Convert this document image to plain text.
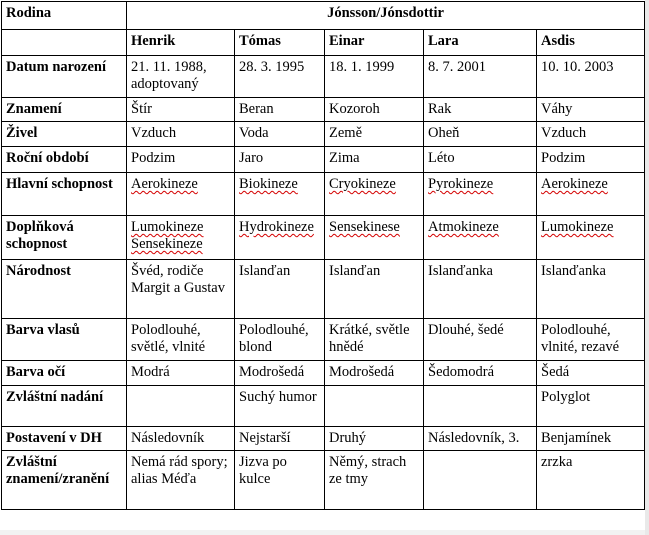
Rodina	Jónsson/Jónsdottir				
	Henrik	Tómas	Einar	Lara	Asdis
Datum narození	21. 11. 1988, adoptovaný	28. 3. 1995	18. 1. 1999	8. 7. 2001	10. 10. 2003
Znamení	Štír	Beran	Kozoroh	Rak	Váhy
Živel	Vzduch	Voda	Země	Oheň	Vzduch
Roční období	Podzim	Jaro	Zima	Léto	Podzim
Hlavní schopnost	Aerokineze	Biokineze	Cryokineze	Pyrokineze	Aerokineze
Doplňková schopnost	Lumokineze Sensekineze	Hydrokineze	Sensekinese	Atmokineze	Lumokineze
Národnost	Švéd, rodiče Margit a Gustav	Islanďan	Islanďan	Islanďanka	Islanďanka
Barva vlasů	Polodlouhé, světlé, vlnité	Polodlouhé, blond	Krátké, světle hnědé	Dlouhé, šedé	Polodlouhé, vlnité, rezavé
Barva očí	Modrá	Modrošedá	Modrošedá	Šedomodrá	Šedá
Zvláštní nadání		Suchý humor			Polyglot
Postavení v DH	Následovník	Nejstarší	Druhý	Následovník, 3.	Benjamínek
Zvláštní znamení/zranění	Nemá rád spory; alias Méďa	Jizva po kulce	Němý, strach ze tmy		zrzka
